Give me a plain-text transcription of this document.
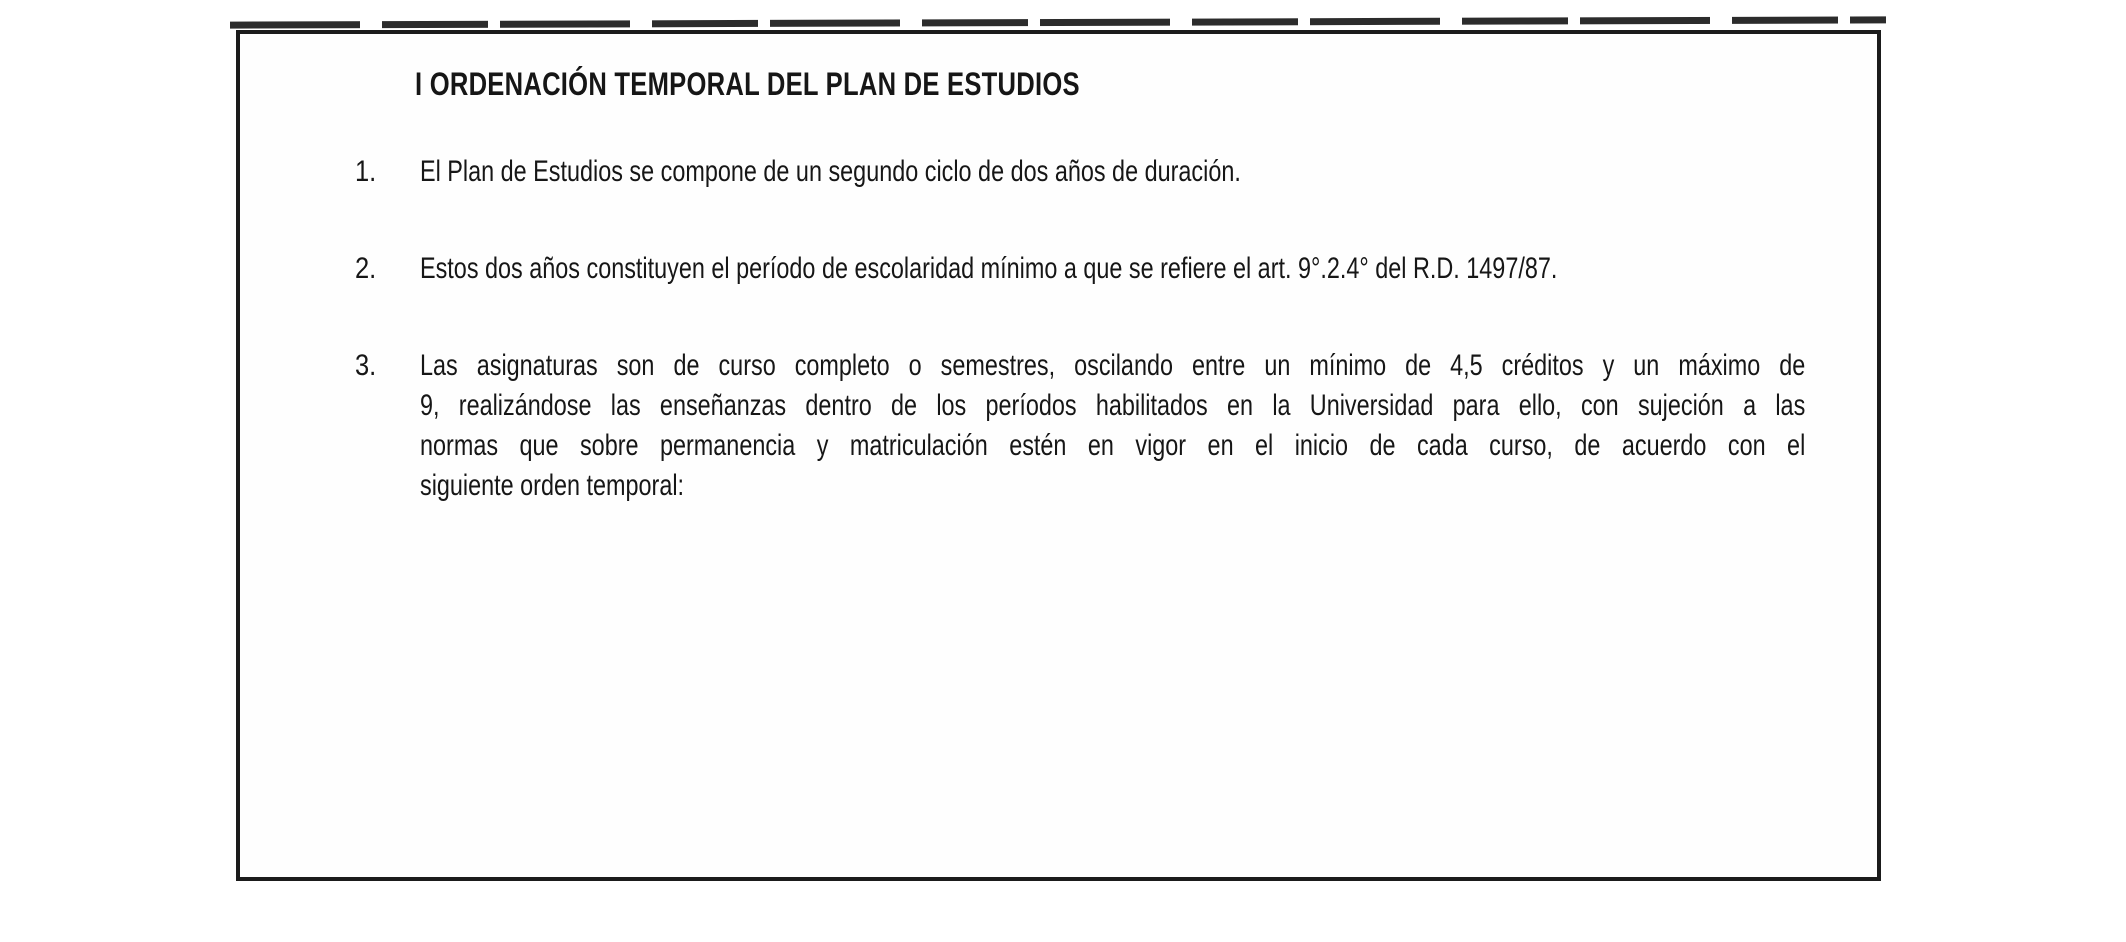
I ORDENACIÓN TEMPORAL DEL PLAN DE ESTUDIOS
1.	El Plan de Estudios se compone de un segundo ciclo de dos años de duración.
2.	Estos dos años constituyen el período de escolaridad mínimo a que se refiere el art. 9°.2.4° del R.D. 1497/87.
3.	Las asignaturas son de curso completo o semestres, oscilando entre un mínimo de 4,5 créditos y un máximo de
9, realizándose las enseñanzas dentro de los períodos habilitados en la Universidad para ello, con sujeción a las
normas que sobre permanencia y matriculación estén en vigor en el inicio de cada curso, de acuerdo con el
siguiente orden temporal:
